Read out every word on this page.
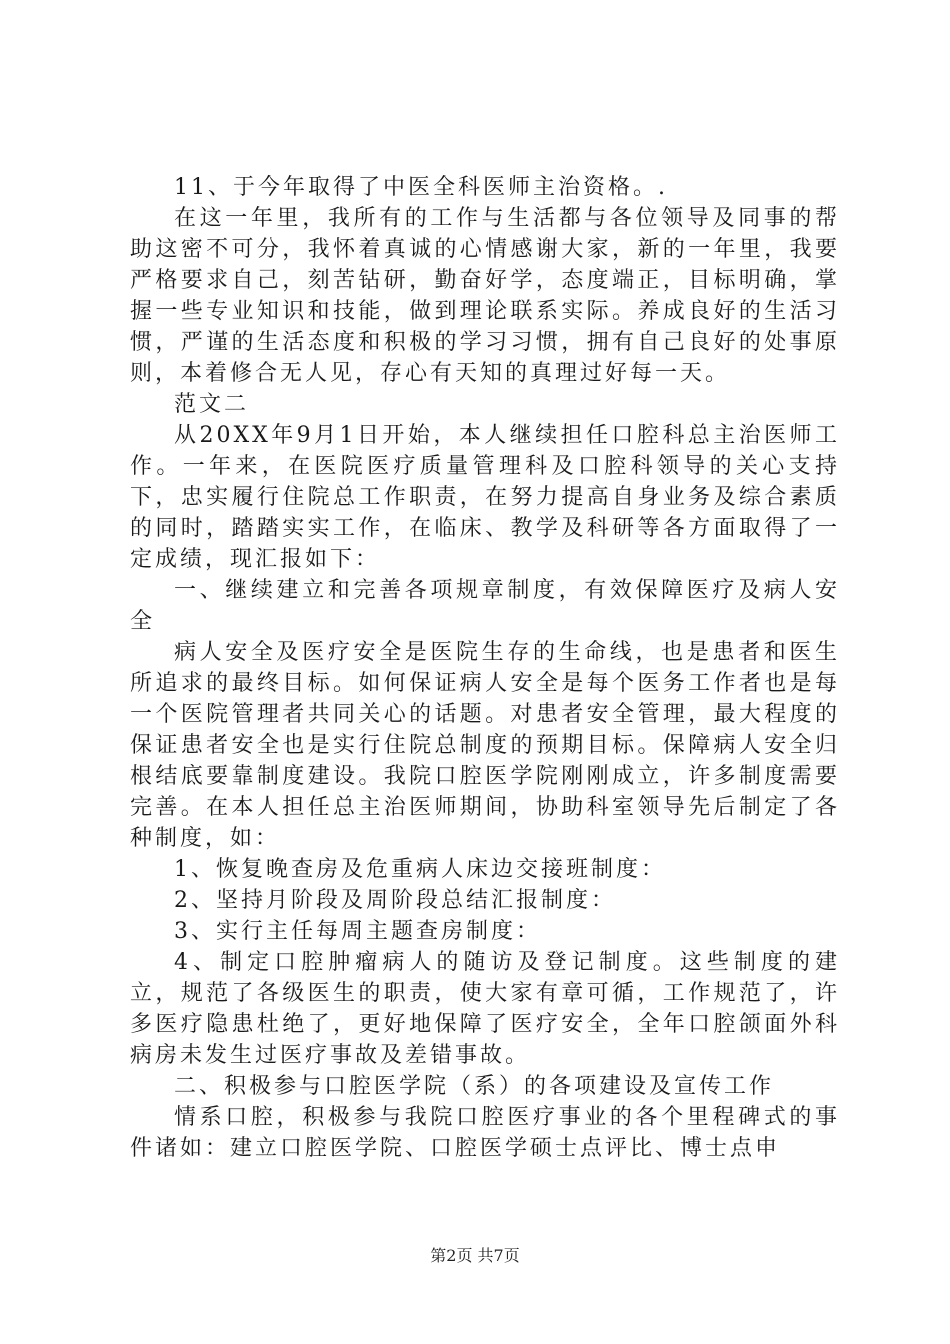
11、于今年取得了中医全科医师主治资格。.

在这一年里，我所有的工作与生活都与各位领导及同事的帮助这密不可分，我怀着真诚的心情感谢大家，新的一年里，我要严格要求自己，刻苦钻研，勤奋好学，态度端正，目标明确，掌握一些专业知识和技能，做到理论联系实际。养成良好的生活习惯，严谨的生活态度和积极的学习习惯，拥有自己良好的处事原则，本着修合无人见，存心有天知的真理过好每一天。

范文二

从20XX年9月1日开始，本人继续担任口腔科总主治医师工作。一年来，在医院医疗质量管理科及口腔科领导的关心支持下，忠实履行住院总工作职责，在努力提高自身业务及综合素质的同时，踏踏实实工作，在临床、教学及科研等各方面取得了一定成绩，现汇报如下：

一、继续建立和完善各项规章制度，有效保障医疗及病人安全

病人安全及医疗安全是医院生存的生命线，也是患者和医生所追求的最终目标。如何保证病人安全是每个医务工作者也是每一个医院管理者共同关心的话题。对患者安全管理，最大程度的保证患者安全也是实行住院总制度的预期目标。保障病人安全归根结底要靠制度建设。我院口腔医学院刚刚成立，许多制度需要完善。在本人担任总主治医师期间，协助科室领导先后制定了各种制度，如：

1、恢复晚查房及危重病人床边交接班制度：

2、坚持月阶段及周阶段总结汇报制度：

3、实行主任每周主题查房制度：

4、制定口腔肿瘤病人的随访及登记制度。这些制度的建立，规范了各级医生的职责，使大家有章可循，工作规范了，许多医疗隐患杜绝了，更好地保障了医疗安全，全年口腔颌面外科病房未发生过医疗事故及差错事故。

二、积极参与口腔医学院（系）的各项建设及宣传工作

情系口腔，积极参与我院口腔医疗事业的各个里程碑式的事件诸如：建立口腔医学院、口腔医学硕士点评比、博士点申

第2页 共7页
